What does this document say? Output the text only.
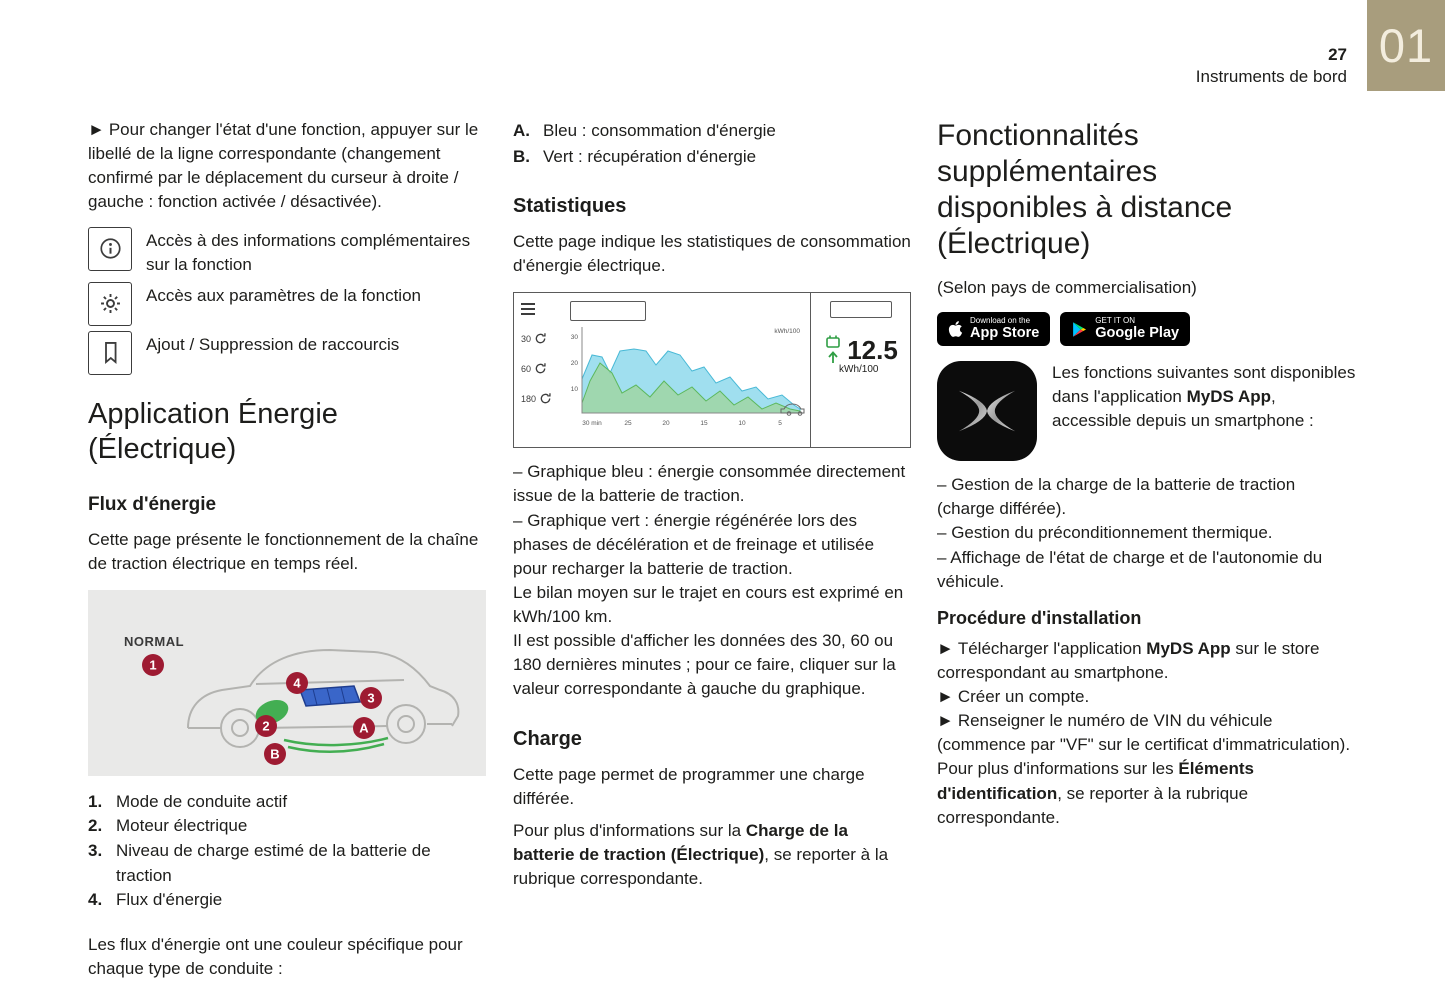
01
27
Instruments de bord

► Pour changer l'état d'une fonction, appuyer sur le libellé de la ligne correspondante (changement confirmé par le déplacement du curseur à droite / gauche : fonction activée / désactivée).

Accès à des informations complémentaires sur la fonction
Accès aux paramètres de la fonction
Ajout / Suppression de raccourcis
Application Énergie (Électrique)
Flux d'énergie

Cette page présente le fonctionnement de la chaîne de traction électrique en temps réel.

NORMAL
1
2
3
4
A
B
1. Mode de conduite actif
2. Moteur électrique
3. Niveau de charge estimé de la batterie de traction
4. Flux d'énergie

Les flux d'énergie ont une couleur spécifique pour chaque type de conduite :

A. Bleu : consommation d'énergie
B. Vert : récupération d'énergie
Statistiques

Cette page indique les statistiques de consommation d'énergie électrique.

30
60
180
30
20
10
kWh/100
30 min	25	20	15	10	5
12.5
kWh/100

– Graphique bleu : énergie consommée directement issue de la batterie de traction.

– Graphique vert : énergie régénérée lors des phases de décélération et de freinage et utilisée pour recharger la batterie de traction.

Le bilan moyen sur le trajet en cours est exprimé en kWh/100 km.

Il est possible d'afficher les données des 30, 60 ou 180 dernières minutes ; pour ce faire, cliquer sur la valeur correspondante à gauche du graphique.

Charge

Cette page permet de programmer une charge différée.

Pour plus d'informations sur la Charge de la batterie de traction (Électrique), se reporter à la rubrique correspondante.

Fonctionnalités supplémentaires disponibles à distance (Électrique)

(Selon pays de commercialisation)

Download on the
App Store
GET IT ON
Google Play

Les fonctions suivantes sont disponibles dans l'application MyDS App, accessible depuis un smartphone :

– Gestion de la charge de la batterie de traction (charge différée).

– Gestion du préconditionnement thermique.

– Affichage de l'état de charge et de l'autonomie du véhicule.

Procédure d'installation

► Télécharger l'application MyDS App sur le store correspondant au smartphone.

► Créer un compte.

► Renseigner le numéro de VIN du véhicule (commence par "VF" sur le certificat d'immatriculation).

Pour plus d'informations sur les Éléments d'identification, se reporter à la rubrique correspondante.
